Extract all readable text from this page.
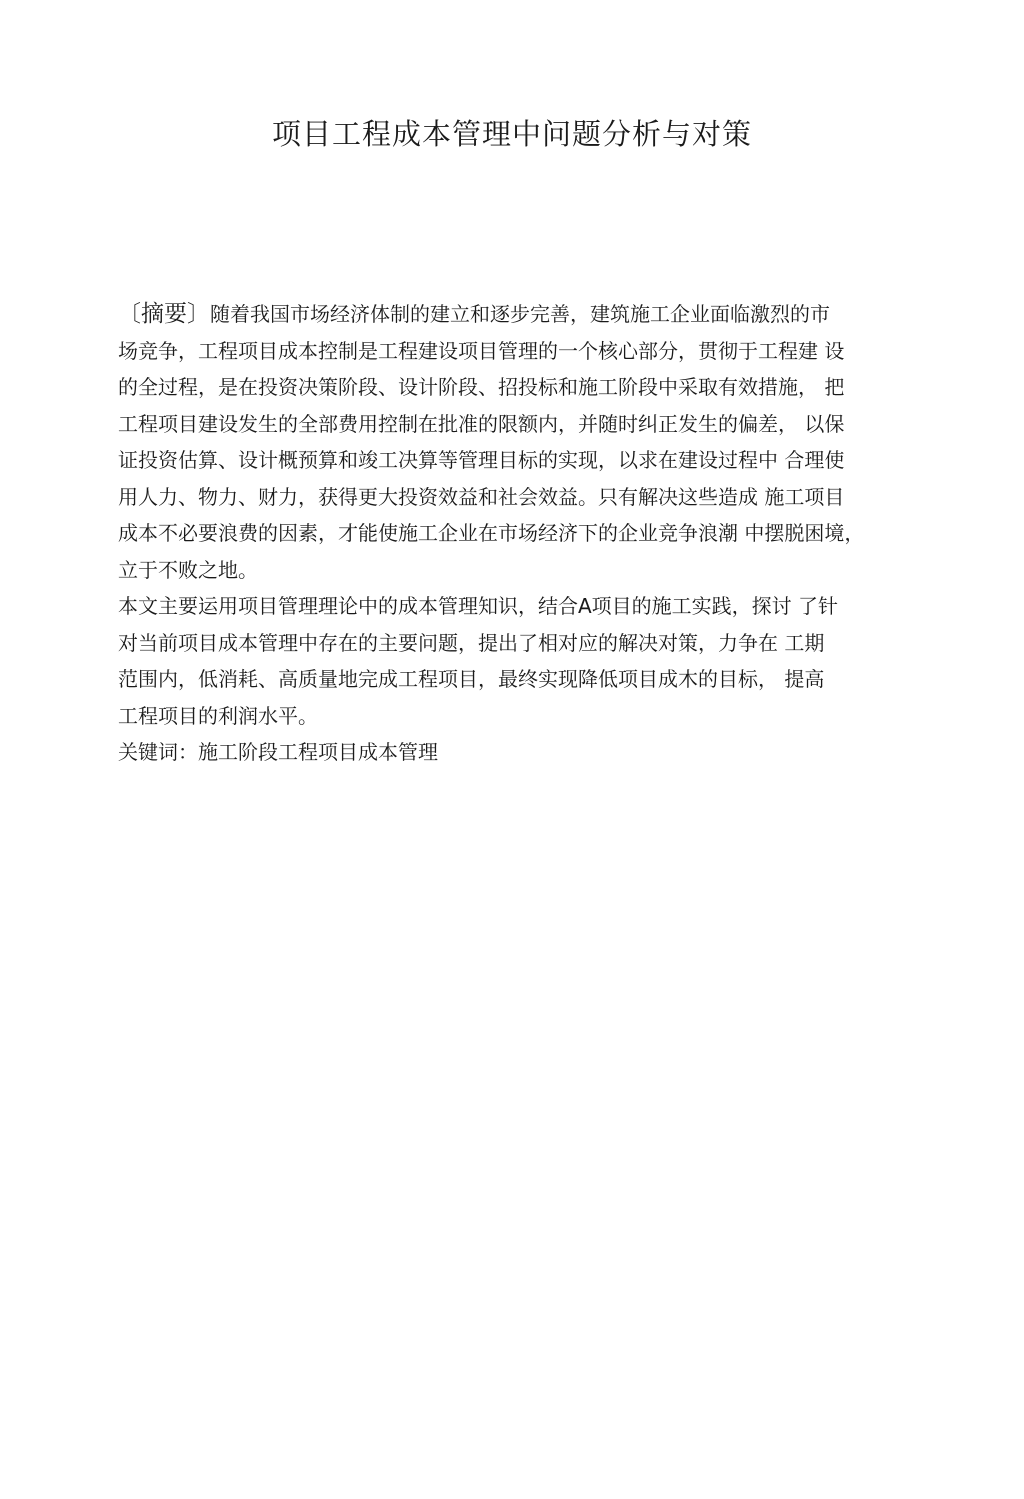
项目工程成本管理中问题分析与对策
〔摘要〕随着我国市场经济体制的建立和逐步完善，建筑施工企业面临激烈的市
场竞争，工程项目成本控制是工程建设项目管理的一个核心部分，贯彻于工程建 设
的全过程，是在投资决策阶段、设计阶段、招投标和施工阶段中采取有效措施， 把
工程项目建设发生的全部费用控制在批准的限额内，并随时纠正发生的偏差， 以保
证投资估算、设计概预算和竣工决算等管理目标的实现，以求在建设过程中 合理使
用人力、物力、财力，获得更大投资效益和社会效益。只有解决这些造成 施工项目
成本不必要浪费的因素，才能使施工企业在市场经济下的企业竞争浪潮 中摆脱困境，
立于不败之地。
本文主要运用项目管理理论中的成本管理知识，结合A项目的施工实践，探讨 了针
对当前项目成本管理中存在的主要问题，提出了相对应的解决对策，力争在 工期
范围内，低消耗、高质量地完成工程项目，最终实现降低项目成木的目标， 提高
工程项目的利润水平。
关键词：施工阶段工程项目成本管理
